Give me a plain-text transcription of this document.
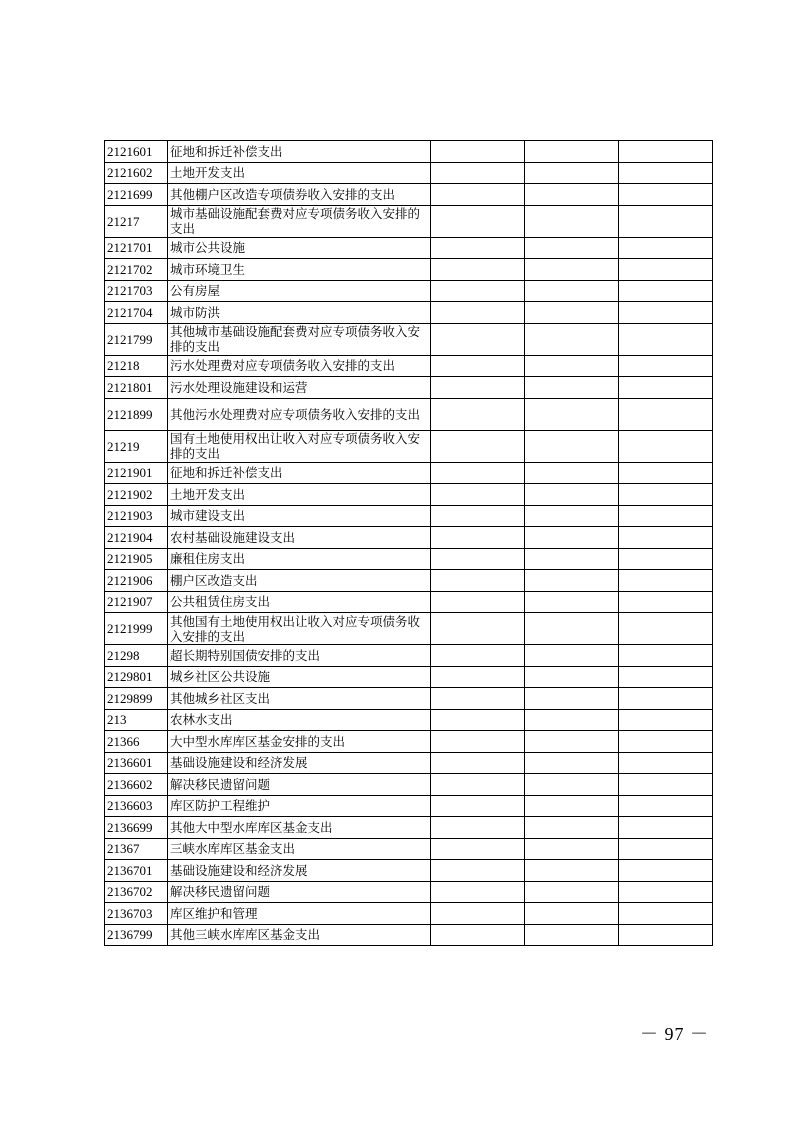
2121601	征地和拆迁补偿支出			
2121602	土地开发支出			
2121699	其他棚户区改造专项债券收入安排的支出			
21217	城市基础设施配套费对应专项债务收入安排的支出			
2121701	城市公共设施			
2121702	城市环境卫生			
2121703	公有房屋			
2121704	城市防洪			
2121799	其他城市基础设施配套费对应专项债务收入安排的支出			
21218	污水处理费对应专项债务收入安排的支出			
2121801	污水处理设施建设和运营			
2121899	其他污水处理费对应专项债务收入安排的支出			
21219	国有土地使用权出让收入对应专项债务收入安排的支出			
2121901	征地和拆迁补偿支出			
2121902	土地开发支出			
2121903	城市建设支出			
2121904	农村基础设施建设支出			
2121905	廉租住房支出			
2121906	棚户区改造支出			
2121907	公共租赁住房支出			
2121999	其他国有土地使用权出让收入对应专项债务收入安排的支出			
21298	超长期特别国债安排的支出			
2129801	城乡社区公共设施			
2129899	其他城乡社区支出			
213	农林水支出			
21366	大中型水库库区基金安排的支出			
2136601	基础设施建设和经济发展			
2136602	解决移民遗留问题			
2136603	库区防护工程维护			
2136699	其他大中型水库库区基金支出			
21367	三峡水库库区基金支出			
2136701	基础设施建设和经济发展			
2136702	解决移民遗留问题			
2136703	库区维护和管理			
2136799	其他三峡水库库区基金支出			
－ 97 －
